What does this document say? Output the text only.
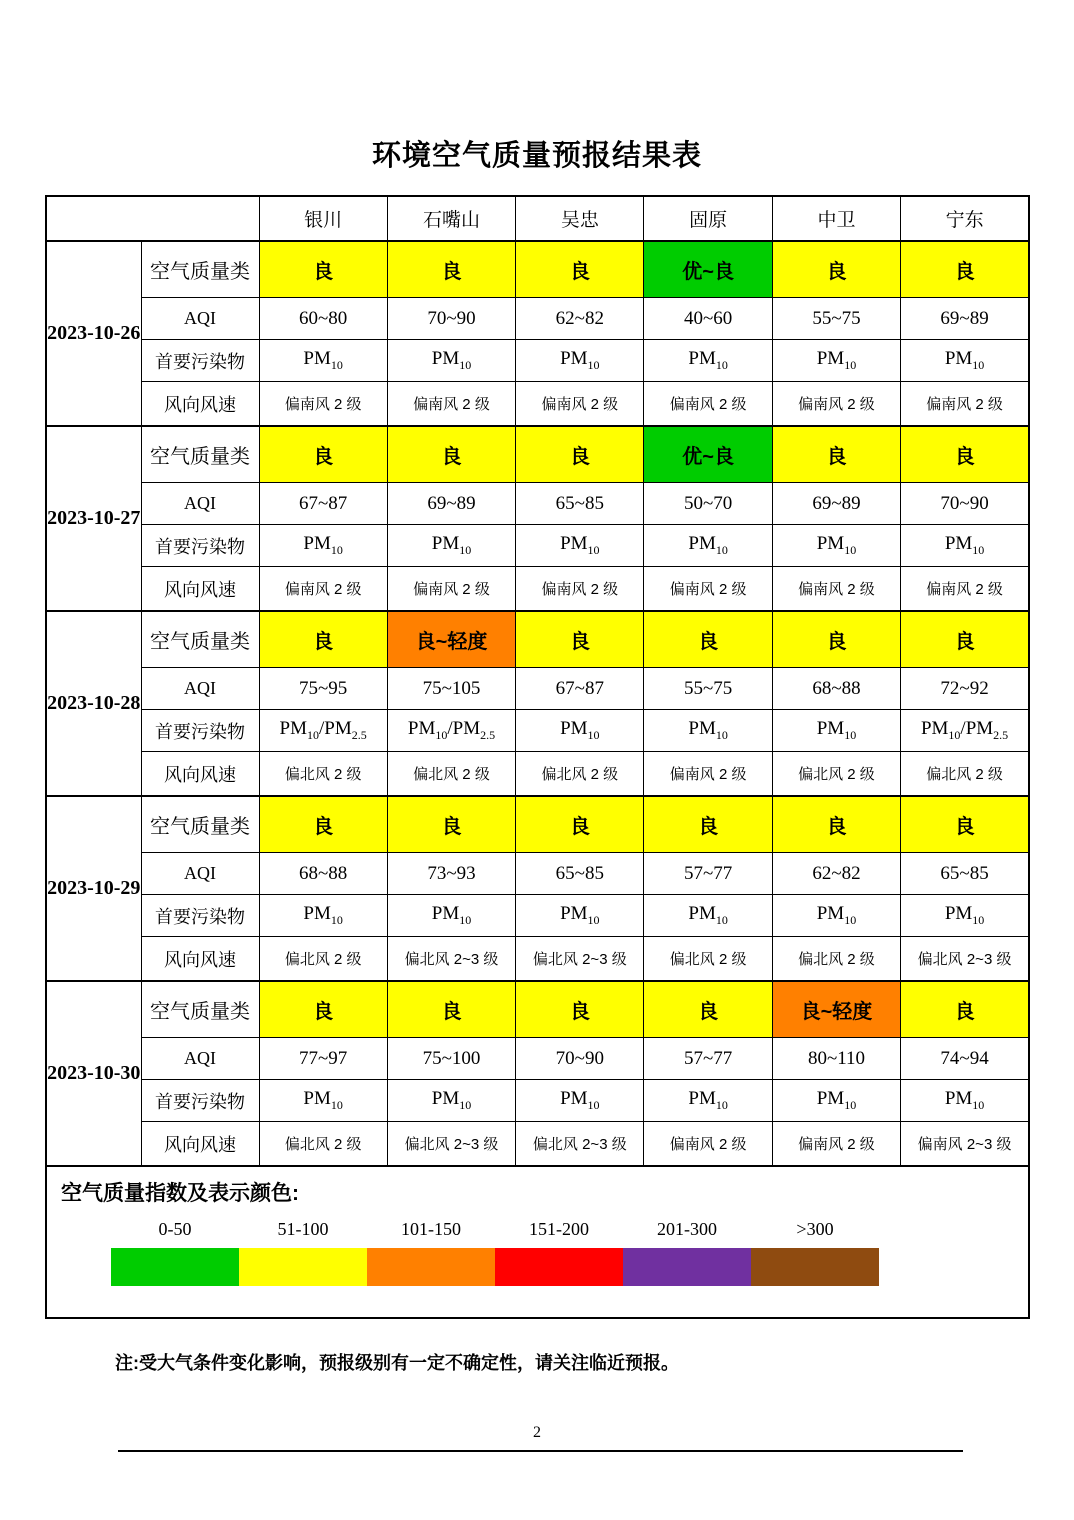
环境空气质量预报结果表
		银川	石嘴山	吴忠	固原	中卫	宁东
2023-10-26	空气质量类	良	良	良	优~良	良	良
	AQI	60~80	70~90	62~82	40~60	55~75	69~89
	首要污染物	$PM_{10}$	$PM_{10}$	$PM_{10}$	$PM_{10}$	$PM_{10}$	$PM_{10}$
	风向风速	偏南风 2 级	偏南风 2 级	偏南风 2 级	偏南风 2 级	偏南风 2 级	偏南风 2 级
2023-10-27	空气质量类	良	良	良	优~良	良	良
	AQI	67~87	69~89	65~85	50~70	69~89	70~90
	首要污染物	$PM_{10}$	$PM_{10}$	$PM_{10}$	$PM_{10}$	$PM_{10}$	$PM_{10}$
	风向风速	偏南风 2 级	偏南风 2 级	偏南风 2 级	偏南风 2 级	偏南风 2 级	偏南风 2 级
2023-10-28	空气质量类	良	良~轻度	良	良	良	良
	AQI	75~95	75~105	67~87	55~75	68~88	72~92
	首要污染物	$PM_{10}/PM_{2.5}$	$PM_{10}/PM_{2.5}$	$PM_{10}$	$PM_{10}$	$PM_{10}$	$PM_{10}/PM_{2.5}$
	风向风速	偏北风 2 级	偏北风 2 级	偏北风 2 级	偏南风 2 级	偏北风 2 级	偏北风 2 级
2023-10-29	空气质量类	良	良	良	良	良	良
	AQI	68~88	73~93	65~85	57~77	62~82	65~85
	首要污染物	$PM_{10}$	$PM_{10}$	$PM_{10}$	$PM_{10}$	$PM_{10}$	$PM_{10}$
	风向风速	偏北风 2 级	偏北风 2~3 级	偏北风 2~3 级	偏北风 2 级	偏北风 2 级	偏北风 2~3 级
2023-10-30	空气质量类	良	良	良	良	良~轻度	良
	AQI	77~97	75~100	70~90	57~77	80~110	74~94
	首要污染物	$PM_{10}$	$PM_{10}$	$PM_{10}$	$PM_{10}$	$PM_{10}$	$PM_{10}$
	风向风速	偏北风 2 级	偏北风 2~3 级	偏北风 2~3 级	偏南风 2 级	偏南风 2 级	偏南风 2~3 级

空气质量指数及表示颜色:
0-50	51-100	101-150	151-200	201-300	>300
注:受大气条件变化影响，预报级别有一定不确定性，请关注临近预报。
2
